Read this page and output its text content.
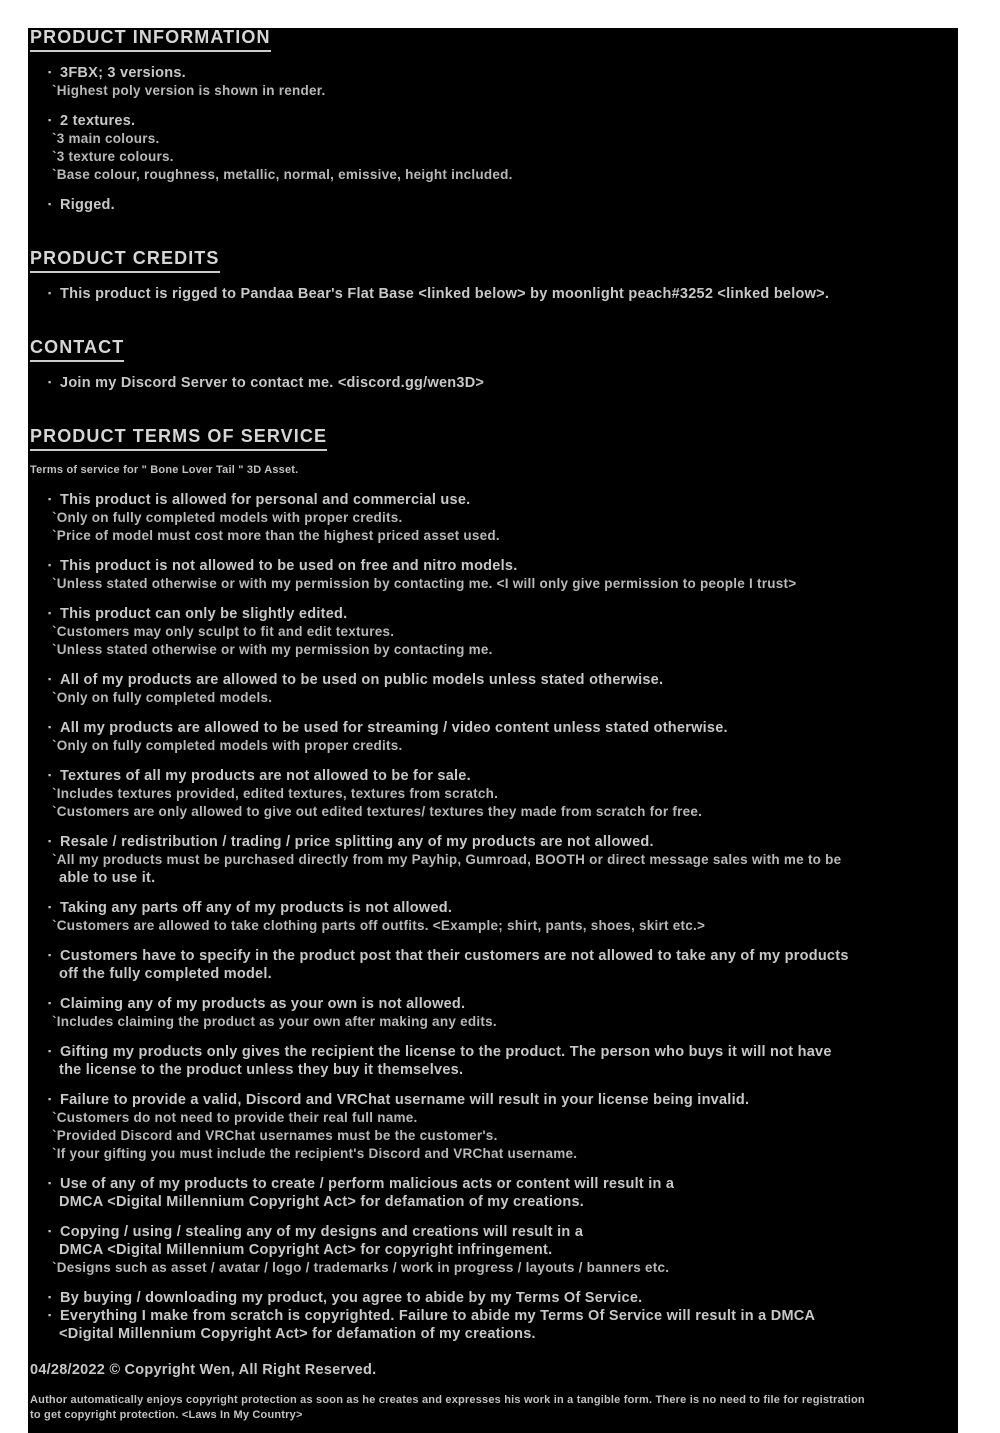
PRODUCT INFORMATION

▪ 3FBX; 3 versions.
`Highest poly version is shown in render.
▪ 2 textures.
`3 main colours.
`3 texture colours.
`Base colour, roughness, metallic, normal, emissive, height included.
▪ Rigged.
PRODUCT CREDITS

▪ This product is rigged to Pandaa Bear's Flat Base <linked below> by moonlight peach#3252 <linked below>.
CONTACT

▪ Join my Discord Server to contact me. <discord.gg/wen3D>
PRODUCT TERMS OF SERVICE

Terms of service for " Bone Lover Tail " 3D Asset.
▪ This product is allowed for personal and commercial use.
`Only on fully completed models with proper credits.
`Price of model must cost more than the highest priced asset used.
▪ This product is not allowed to be used on free and nitro models.
`Unless stated otherwise or with my permission by contacting me. <I will only give permission to people I trust>
▪ This product can only be slightly edited.
`Customers may only sculpt to fit and edit textures.
`Unless stated otherwise or with my permission by contacting me.
▪ All of my products are allowed to be used on public models unless stated otherwise.
`Only on fully completed models.
▪ All my products are allowed to be used for streaming / video content unless stated otherwise.
`Only on fully completed models with proper credits.
▪ Textures of all my products are not allowed to be for sale.
`Includes textures provided, edited textures, textures from scratch.
`Customers are only allowed to give out edited textures/ textures they made from scratch for free.
▪ Resale / redistribution / trading / price splitting any of my products are not allowed.
`All my products must be purchased directly from my Payhip, Gumroad, BOOTH or direct message sales with me to be
able to use it.
▪ Taking any parts off any of my products is not allowed.
`Customers are allowed to take clothing parts off outfits. <Example; shirt, pants, shoes, skirt etc.>
▪ Customers have to specify in the product post that their customers are not allowed to take any of my products
off the fully completed model.
▪ Claiming any of my products as your own is not allowed.
`Includes claiming the product as your own after making any edits.
▪ Gifting my products only gives the recipient the license to the product. The person who buys it will not have
the license to the product unless they buy it themselves.
▪ Failure to provide a valid, Discord and VRChat username will result in your license being invalid.
`Customers do not need to provide their real full name.
`Provided Discord and VRChat usernames must be the customer's.
`If your gifting you must include the recipient's Discord and VRChat username.
▪ Use of any of my products to create / perform malicious acts or content will result in a
DMCA <Digital Millennium Copyright Act> for defamation of my creations.
▪ Copying / using / stealing any of my designs and creations will result in a
DMCA <Digital Millennium Copyright Act> for copyright infringement.
`Designs such as asset / avatar / logo / trademarks / work in progress / layouts / banners etc.
▪ By buying / downloading my product, you agree to abide by my Terms Of Service.
▪ Everything I make from scratch is copyrighted. Failure to abide my Terms Of Service will result in a DMCA
<Digital Millennium Copyright Act> for defamation of my creations.
04/28/2022 © Copyright Wen, All Right Reserved.
Author automatically enjoys copyright protection as soon as he creates and expresses his work in a tangible form. There is no need to file for registration
to get copyright protection. <Laws In My Country>
